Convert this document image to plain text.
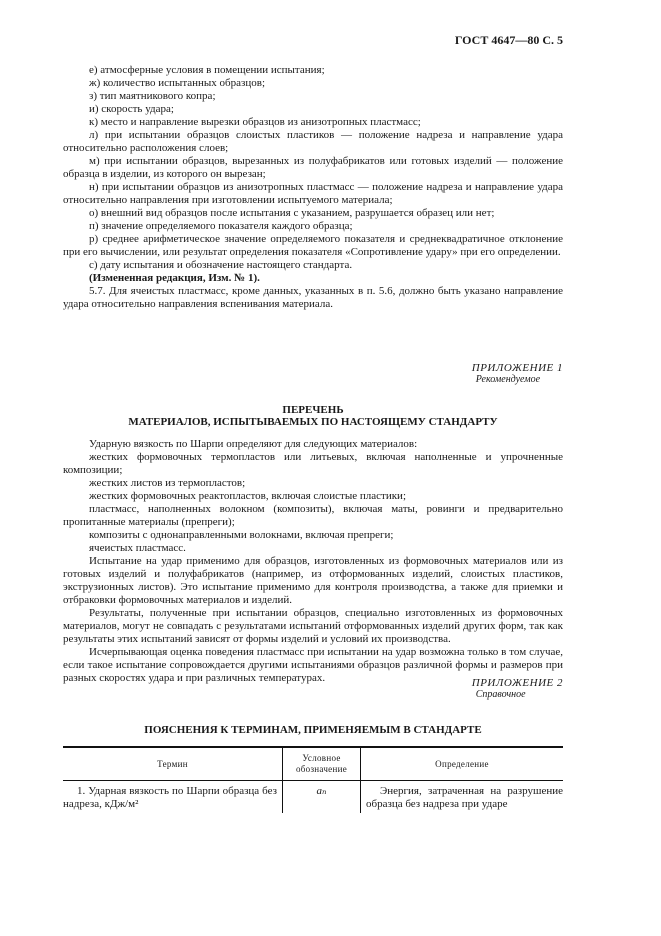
ГОСТ 4647—80 С. 5

е) атмосферные условия в помещении испытания;

ж) количество испытанных образцов;

з) тип маятникового копра;

и) скорость удара;

к) место и направление вырезки образцов из анизотропных пластмасс;

л) при испытании образцов слоистых пластиков — положение надреза и направление удара относительно расположения слоев;

м) при испытании образцов, вырезанных из полуфабрикатов или готовых изделий — положение образца в изделии, из которого он вырезан;

н) при испытании образцов из анизотропных пластмасс — положение надреза и направление удара относительно направления при изготовлении испытуемого материала;

о) внешний вид образцов после испытания с указанием, разрушается образец или нет;

п) значение определяемого показателя каждого образца;

р) среднее арифметическое значение определяемого показателя и среднеквадратичное отклонение при его вычислении, или результат определения показателя «Сопротивление удару» при его определении.

с) дату испытания и обозначение настоящего стандарта.

(Измененная редакция, Изм. № 1).

5.7. Для ячеистых пластмасс, кроме данных, указанных в п. 5.6, должно быть указано направление удара относительно направления вспенивания материала.

ПРИЛОЖЕНИЕ 1
Рекомендуемое
ПЕРЕЧЕНЬ
МАТЕРИАЛОВ, ИСПЫТЫВАЕМЫХ ПО НАСТОЯЩЕМУ СТАНДАРТУ

Ударную вязкость по Шарпи определяют для следующих материалов:

жестких формовочных термопластов или литьевых, включая наполненные и упрочненные композиции;

жестких листов из термопластов;

жестких формовочных реактопластов, включая слоистые пластики;

пластмасс, наполненных волокном (композиты), включая маты, ровинги и предварительно пропитанные материалы (препреги);

композиты с однонаправленными волокнами, включая препреги;

ячеистых пластмасс.

Испытание на удар применимо для образцов, изготовленных из формовочных материалов или из готовых изделий и полуфабрикатов (например, из отформованных изделий, слоистых пластиков, экструзионных листов). Это испытание применимо для контроля производства, а также для приемки и отбраковки формовочных материалов и изделий.

Результаты, полученные при испытании образцов, специально изготовленных из формовочных материалов, могут не совпадать с результатами испытаний отформованных изделий других форм, так как результаты этих испытаний зависят от формы изделий и условий их производства.

Исчерпывающая оценка поведения пластмасс при испытании на удар возможна только в том случае, если такое испытание сопровождается другими испытаниями образцов различной формы и размеров при разных скоростях удара и при различных температурах.	ПРИЛОЖЕНИЕ 2
Справочное
ПОЯСНЕНИЯ К ТЕРМИНАМ, ПРИМЕНЯЕМЫМ В СТАНДАРТЕ
Термин	Условное обозначение	Определение
1. Ударная вязкость по Шарпи образца без надреза, кДж/м²	aₙ	Энергия, затраченная на разрушение образца без надреза при ударе
